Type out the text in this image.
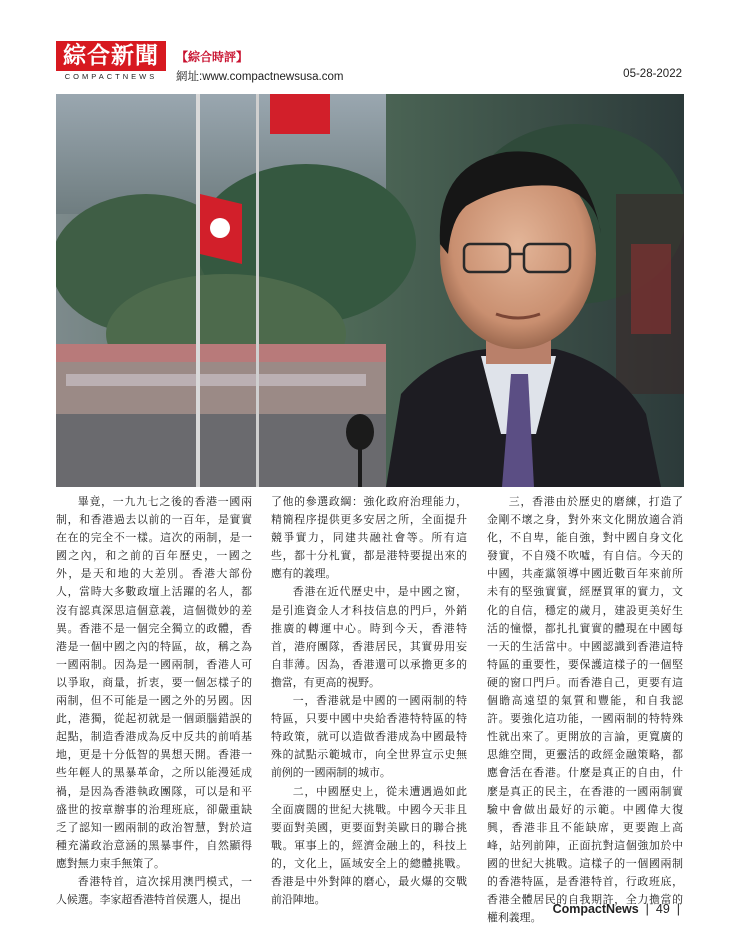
綜合新聞
COMPACTNEWS
【綜合時評】
網址:www.compactnewsusa.com	05-28-2022

畢竟，一九九七之後的香港一國兩制，和香港過去以前的一百年，是實實在在的完全不一樣。這次的兩制，是一國之內，和之前的百年歷史，一國之外，是天和地的大差別。香港大部份人，當時大多數政壇上活躍的名人，都沒有認真深思這個意義，這個微妙的差異。香港不是一個完全獨立的政體，香港是一個中國之內的特區，故，稱之為一國兩制。因為是一國兩制，香港人可以爭取，商量，折衷，要一個怎樣子的兩制，但不可能是一國之外的另國。因此，港獨，從起初就是一個頭腦錯誤的起點，制造香港成為反中反共的前哨基地，更是十分低智的異想天開。香港一些年輕人的黑暴革命，之所以能漫延成禍，是因為香港執政團隊，可以是和平盛世的按章辦事的治理班底，卻嚴重缺乏了認知一國兩制的政治智慧，對於這種充滿政治意涵的黑暴事件，自然顯得應對無力束手無策了。

香港特首，這次採用澳門模式，一人候選。李家超香港特首侯選人，提出

了他的參選政綱：強化政府治理能力，精簡程序提供更多安居之所，全面提升競爭實力，同建共融社會等。所有這些，都十分札實，都是港特要提出來的應有的義理。

香港在近代歷史中，是中國之窗，是引進資金人才科技信息的門戶，外銷推廣的轉運中心。時到今天，香港特首，港府團隊，香港居民，其實毋用妄自菲薄。因為，香港還可以承擔更多的擔當，有更高的視野。

一，香港就是中國的一國兩制的特特區，只要中國中央給香港特特區的特特政策，就可以造做香港成為中國最特殊的試點示範城市，向全世界宣示史無前例的一國兩制的城市。

二，中國歷史上，從未遭遇過如此全面廣闊的世紀大挑戰。中國今天非且要面對美國，更要面對美歐日的聯合挑戰。軍事上的，經濟金融上的，科技上的，文化上，區域安全上的總體挑戰。香港是中外對陣的磨心，最火爆的交戰前沿陣地。

三，香港由於歷史的磨練，打造了金剛不壞之身，對外來文化開放適合消化，不自卑，能自強，對中國自身文化發實，不自殘不吹噓，有自信。今天的中國，共產黨領導中國近數百年來前所未有的堅強實實，經歷買軍的實力，文化的自信，穩定的歲月，建設更美好生活的憧憬，都扎扎實實的體現在中國每一天的生活當中。中國認識到香港這特特區的重要性，要保護這樣子的一個堅硬的窗口門戶。而香港自己，更要有這個瞻高遠望的氣質和豐能，和自我認許。要強化這功能，一國兩制的特特殊性就出來了。更開放的言論，更寬廣的思維空間，更靈活的政經金融策略，都應會活在香港。什麼是真正的自由，什麼是真正的民主，在香港的一國兩制實驗中會做出最好的示範。中國偉大復興，香港非且不能缺席，更要跑上高峰，站列前陣，正面抗對這個強加於中國的世紀大挑戰。這樣子的一個國兩制的香港特區，是香港特首，行政班底，香港全體居民的自我期許，全力擔當的權利義理。

CompactNews  |  49  |
